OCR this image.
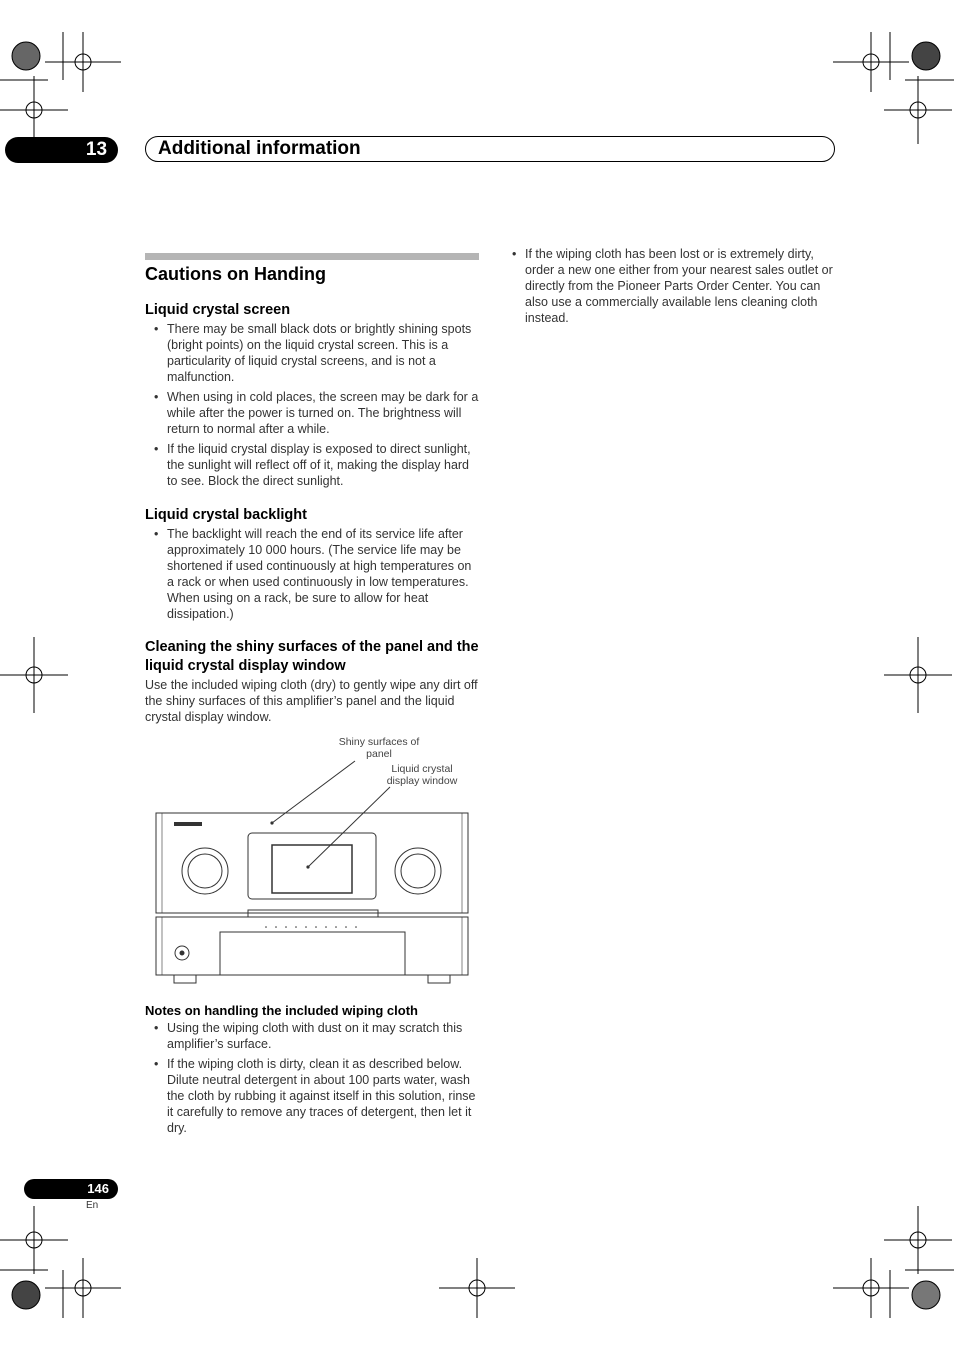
13	Additional information
Cautions on Handing
Liquid crystal screen
• There may be small black dots or brightly shining spots (bright points) on the liquid crystal screen. This is a particularity of liquid crystal screens, and is not a malfunction.
• When using in cold places, the screen may be dark for a while after the power is turned on. The brightness will return to normal after a while.
• If the liquid crystal display is exposed to direct sunlight, the sunlight will reflect off of it, making the display hard to see. Block the direct sunlight.
Liquid crystal backlight
• The backlight will reach the end of its service life after approximately 10 000 hours. (The service life may be shortened if used continuously at high temperatures on a rack or when used continuously in low temperatures. When using on a rack, be sure to allow for heat dissipation.)
Cleaning the shiny surfaces of the panel and the liquid crystal display window
Use the included wiping cloth (dry) to gently wipe any dirt off the shiny surfaces of this amplifier’s panel and the liquid crystal display window.
Shiny surfaces of panel
Liquid crystal display window
Notes on handling the included wiping cloth
• Using the wiping cloth with dust on it may scratch this amplifier’s surface.
• If the wiping cloth is dirty, clean it as described below. Dilute neutral detergent in about 100 parts water, wash the cloth by rubbing it against itself in this solution, rinse it carefully to remove any traces of detergent, then let it dry.
• If the wiping cloth has been lost or is extremely dirty, order a new one either from your nearest sales outlet or directly from the Pioneer Parts Order Center. You can also use a commercially available lens cleaning cloth instead.
146
En
